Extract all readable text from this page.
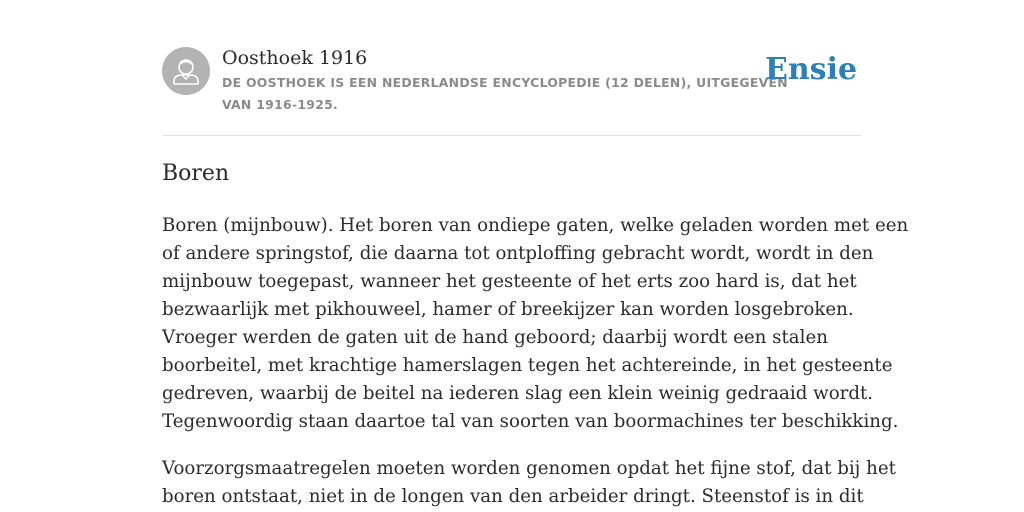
Oosthoek 1916
DE OOSTHOEK IS EEN NEDERLANDSE ENCYCLOPEDIE (12 DELEN), UITGEGEVEN
VAN 1916-1925.
Ensie
Boren

Boren (mijnbouw). Het boren van ondiepe gaten, welke geladen worden met een
of andere springstof, die daarna tot ontploffing gebracht wordt, wordt in den
mijnbouw toegepast, wanneer het gesteente of het erts zoo hard is, dat het
bezwaarlijk met pikhouweel, hamer of breekijzer kan worden losgebroken.
Vroeger werden de gaten uit de hand geboord; daarbij wordt een stalen
boorbeitel, met krachtige hamerslagen tegen het achtereinde, in het gesteente
gedreven, waarbij de beitel na iederen slag een klein weinig gedraaid wordt.
Tegenwoordig staan daartoe tal van soorten van boormachines ter beschikking.

Voorzorgsmaatregelen moeten worden genomen opdat het fijne stof, dat bij het
boren ontstaat, niet in de longen van den arbeider dringt. Steenstof is in dit
